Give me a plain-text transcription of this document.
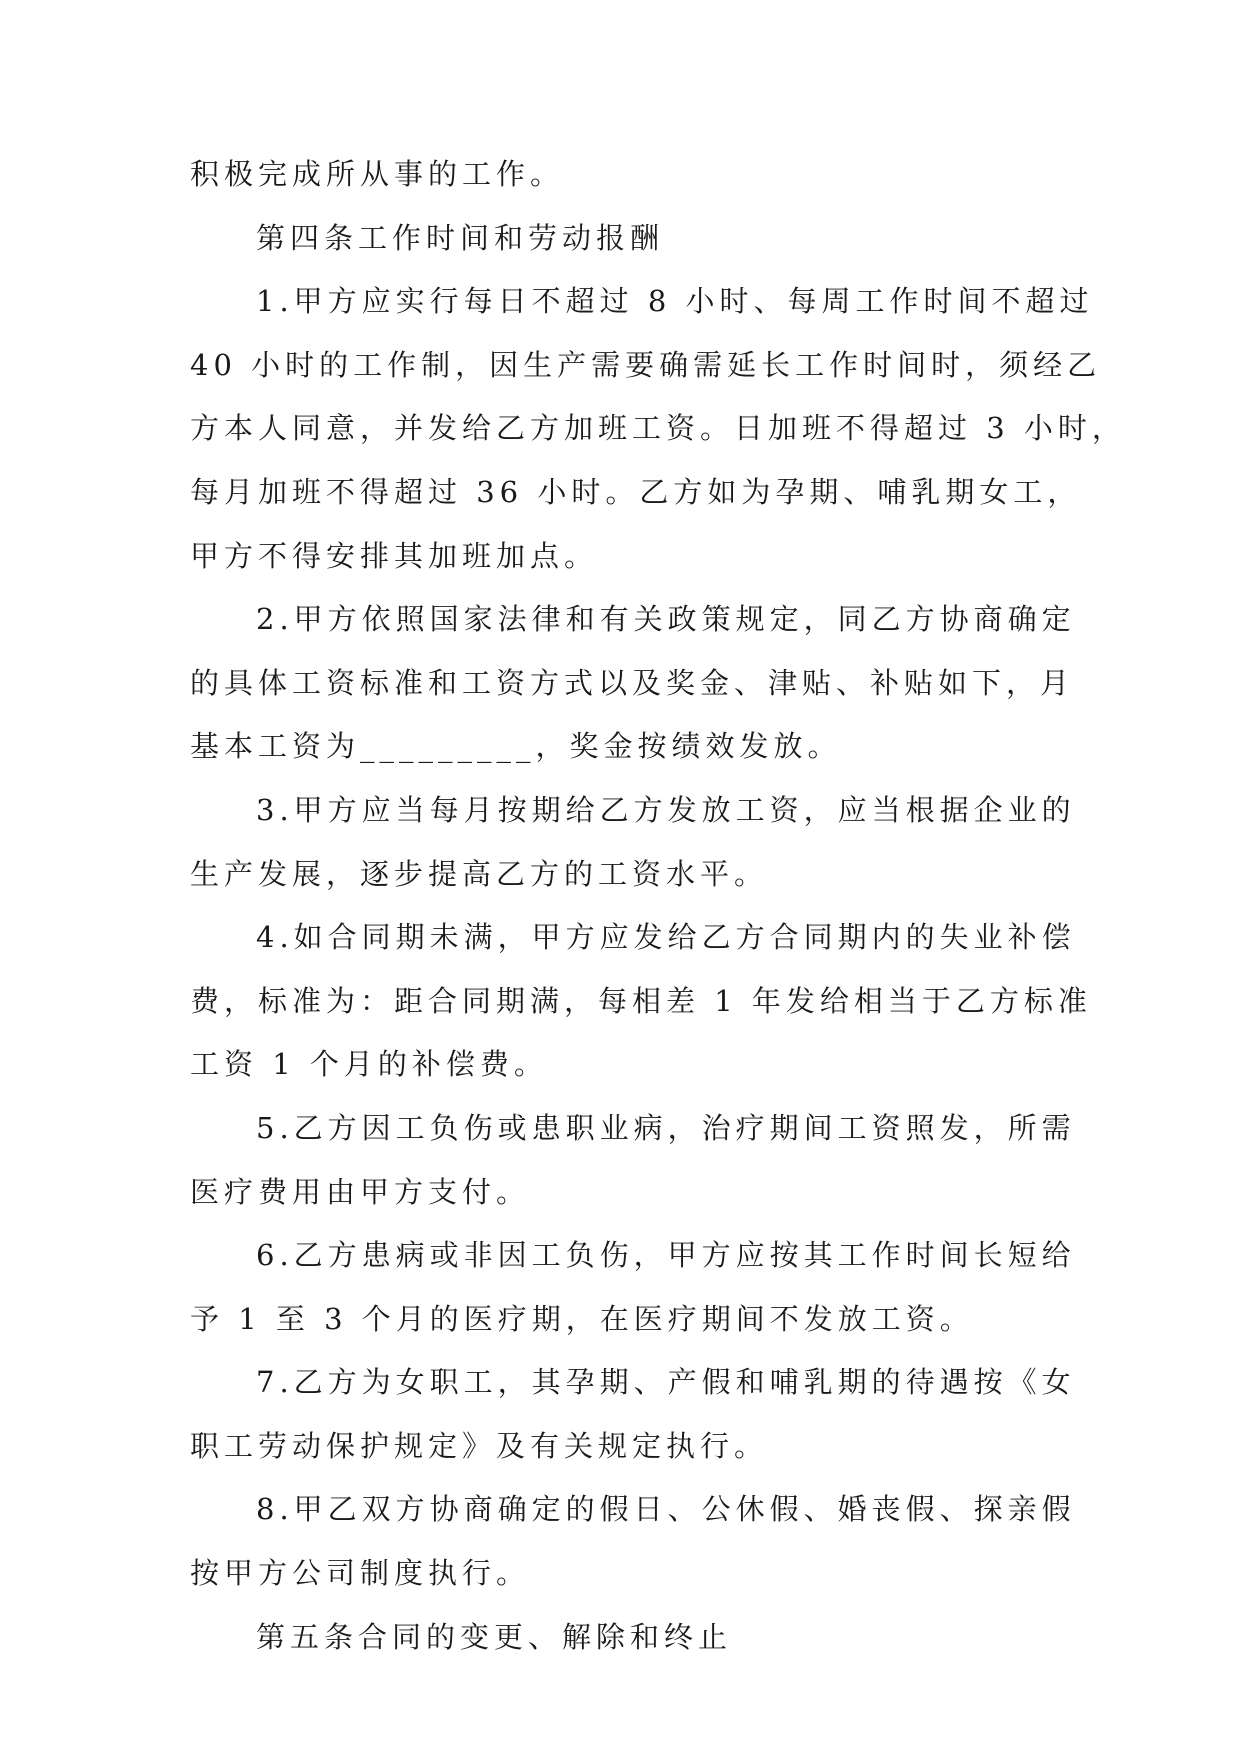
积极完成所从事的工作。
第四条工作时间和劳动报酬
1.甲方应实行每日不超过 8 小时、每周工作时间不超过
40 小时的工作制，因生产需要确需延长工作时间时，须经乙
方本人同意，并发给乙方加班工资。日加班不得超过 3 小时，
每月加班不得超过 36 小时。乙方如为孕期、哺乳期女工，
甲方不得安排其加班加点。
2.甲方依照国家法律和有关政策规定，同乙方协商确定
的具体工资标准和工资方式以及奖金、津贴、补贴如下，月
基本工资为_________，奖金按绩效发放。
3.甲方应当每月按期给乙方发放工资，应当根据企业的
生产发展，逐步提高乙方的工资水平。
4.如合同期未满，甲方应发给乙方合同期内的失业补偿
费，标准为：距合同期满，每相差 1 年发给相当于乙方标准
工资 1 个月的补偿费。
5.乙方因工负伤或患职业病，治疗期间工资照发，所需
医疗费用由甲方支付。
6.乙方患病或非因工负伤，甲方应按其工作时间长短给
予 1 至 3 个月的医疗期，在医疗期间不发放工资。
7.乙方为女职工，其孕期、产假和哺乳期的待遇按《女
职工劳动保护规定》及有关规定执行。
8.甲乙双方协商确定的假日、公休假、婚丧假、探亲假
按甲方公司制度执行。
第五条合同的变更、解除和终止
